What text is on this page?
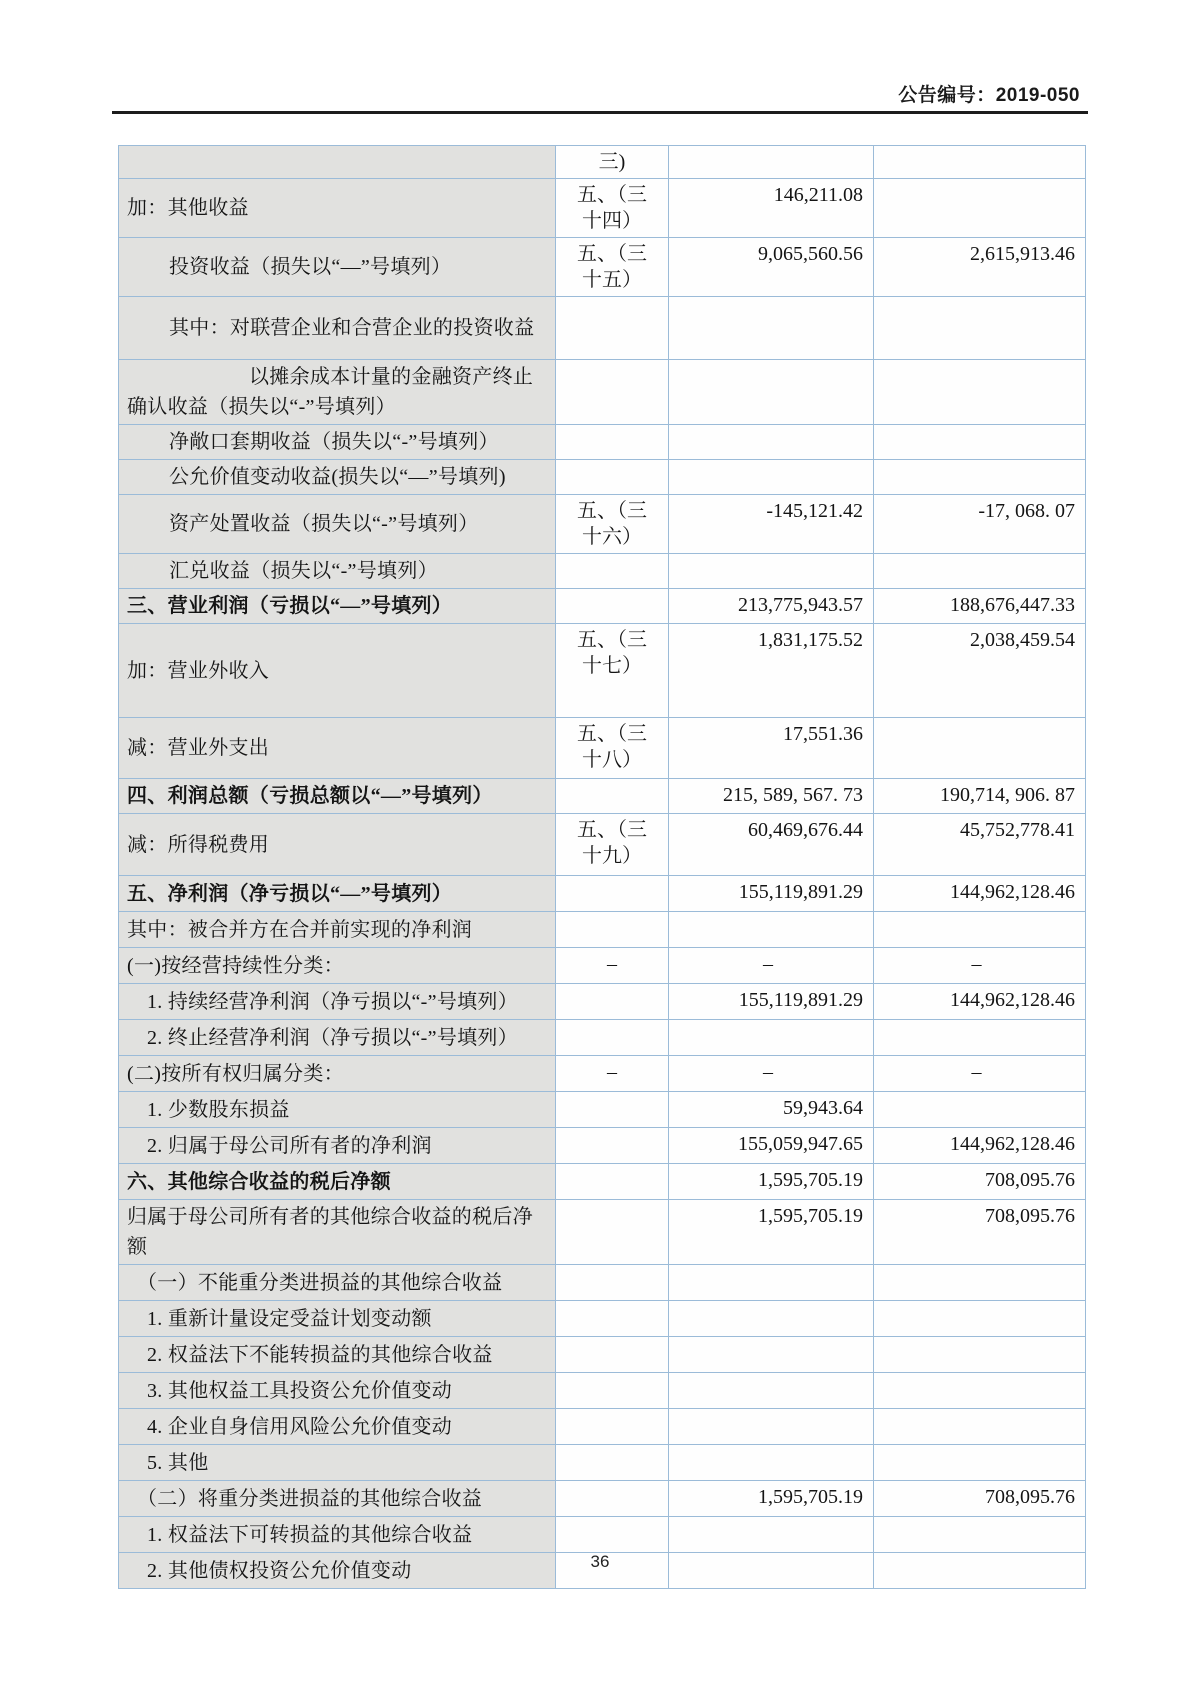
公告编号：2019-050
	三)		
加：其他收益	五、（三十四）	146,211.08	
投资收益（损失以“—”号填列）	五、（三十五）	9,065,560.56	2,615,913.46
其中：对联营企业和合营企业的投资收益			
以摊余成本计量的金融资产终止确认收益（损失以“-”号填列）			
净敞口套期收益（损失以“-”号填列）			
公允价值变动收益(损失以“—”号填列)			
资产处置收益（损失以“-”号填列）	五、（三十六）	-145,121.42	-17, 068. 07
汇兑收益（损失以“-”号填列）			
三、营业利润（亏损以“—”号填列）		213,775,943.57	188,676,447.33
加：营业外收入	五、（三十七）	1,831,175.52	2,038,459.54
减：营业外支出	五、（三十八）	17,551.36	
四、利润总额（亏损总额以“—”号填列）		215, 589, 567. 73	190,714, 906. 87
减：所得税费用	五、（三十九）	60,469,676.44	45,752,778.41
五、净利润（净亏损以“—”号填列）		155,119,891.29	144,962,128.46
其中：被合并方在合并前实现的净利润			
(一)按经营持续性分类：	–	–	–
1. 持续经营净利润（净亏损以“-”号填列）		155,119,891.29	144,962,128.46
2. 终止经营净利润（净亏损以“-”号填列）			
(二)按所有权归属分类：	–	–	–
1. 少数股东损益		59,943.64	
2. 归属于母公司所有者的净利润		155,059,947.65	144,962,128.46
六、其他综合收益的税后净额		1,595,705.19	708,095.76
归属于母公司所有者的其他综合收益的税后净额		1,595,705.19	708,095.76
（一）不能重分类进损益的其他综合收益			
1. 重新计量设定受益计划变动额			
2. 权益法下不能转损益的其他综合收益			
3. 其他权益工具投资公允价值变动			
4. 企业自身信用风险公允价值变动			
5. 其他			
（二）将重分类进损益的其他综合收益		1,595,705.19	708,095.76
1. 权益法下可转损益的其他综合收益			
2. 其他债权投资公允价值变动				36
